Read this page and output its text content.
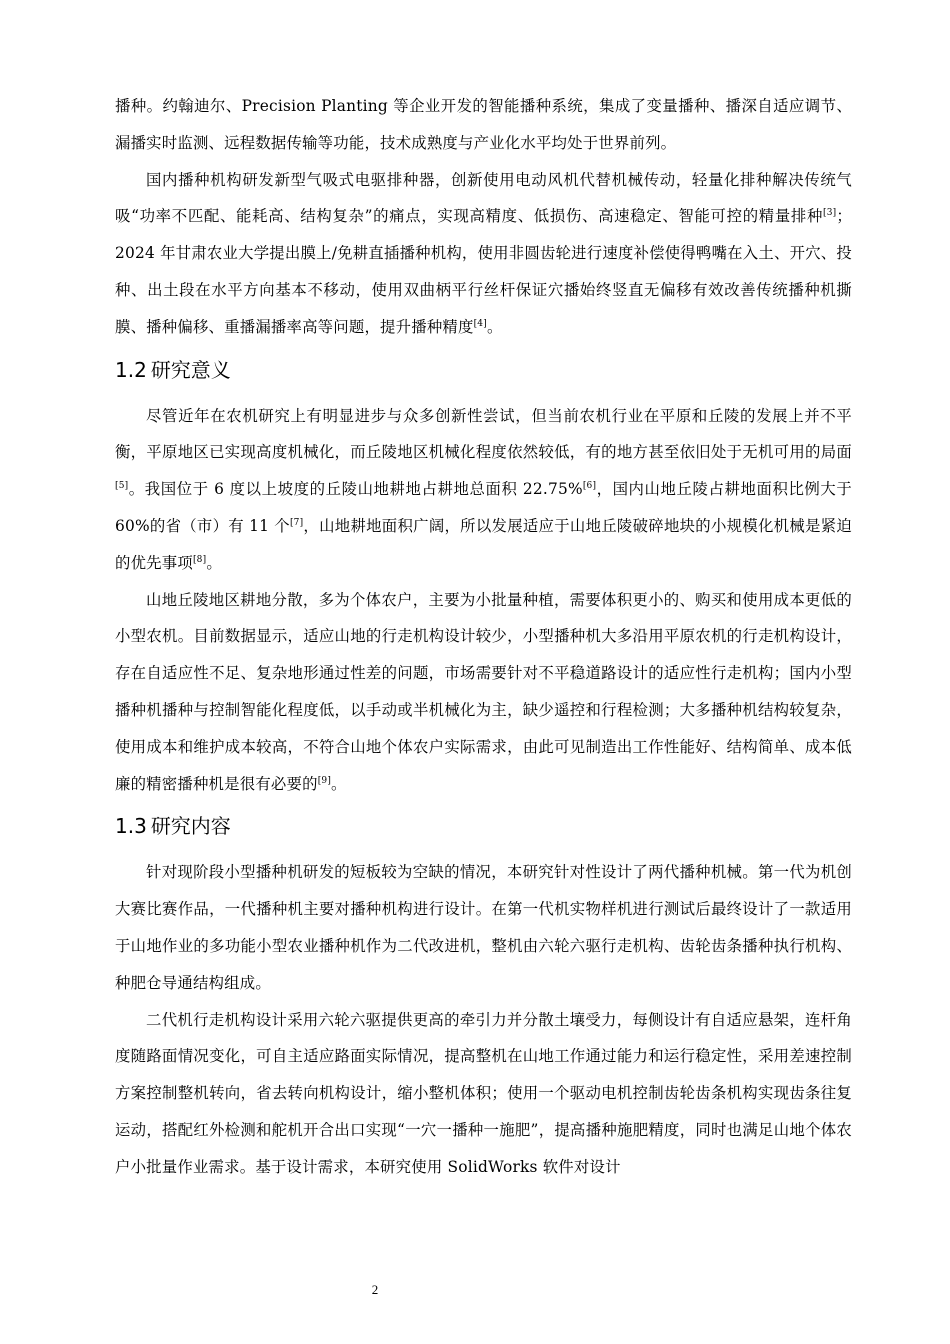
播种。约翰迪尔、Precision Planting 等企业开发的智能播种系统，集成了变量播种、播深自适应调节、漏播实时监测、远程数据传输等功能，技术成熟度与产业化水平均处于世界前列。

国内播种机构研发新型气吸式电驱排种器，创新使用电动风机代替机械传动，轻量化排种解决传统气吸“功率不匹配、能耗高、结构复杂”的痛点，实现高精度、低损伤、高速稳定、智能可控的精量排种[3]；2024 年甘肃农业大学提出膜上/免耕直插播种机构，使用非圆齿轮进行速度补偿使得鸭嘴在入土、开穴、投种、出土段在水平方向基本不移动，使用双曲柄平行丝杆保证穴播始终竖直无偏移有效改善传统播种机撕膜、播种偏移、重播漏播率高等问题，提升播种精度[4]。

1.2 研究意义

尽管近年在农机研究上有明显进步与众多创新性尝试，但当前农机行业在平原和丘陵的发展上并不平衡，平原地区已实现高度机械化，而丘陵地区机械化程度依然较低，有的地方甚至依旧处于无机可用的局面[5]。我国位于 6 度以上坡度的丘陵山地耕地占耕地总面积 22.75%[6]，国内山地丘陵占耕地面积比例大于 60%的省（市）有 11 个[7]，山地耕地面积广阔，所以发展适应于山地丘陵破碎地块的小规模化机械是紧迫的优先事项[8]。

山地丘陵地区耕地分散，多为个体农户，主要为小批量种植，需要体积更小的、购买和使用成本更低的小型农机。目前数据显示，适应山地的行走机构设计较少，小型播种机大多沿用平原农机的行走机构设计，存在自适应性不足、复杂地形通过性差的问题，市场需要针对不平稳道路设计的适应性行走机构；国内小型播种机播种与控制智能化程度低，以手动或半机械化为主，缺少遥控和行程检测；大多播种机结构较复杂，使用成本和维护成本较高，不符合山地个体农户实际需求，由此可见制造出工作性能好、结构简单、成本低廉的精密播种机是很有必要的[9]。

1.3 研究内容

针对现阶段小型播种机研发的短板较为空缺的情况，本研究针对性设计了两代播种机械。第一代为机创大赛比赛作品，一代播种机主要对播种机构进行设计。在第一代机实物样机进行测试后最终设计了一款适用于山地作业的多功能小型农业播种机作为二代改进机，整机由六轮六驱行走机构、齿轮齿条播种执行机构、种肥仓导通结构组成。

二代机行走机构设计采用六轮六驱提供更高的牵引力并分散土壤受力，每侧设计有自适应悬架，连杆角度随路面情况变化，可自主适应路面实际情况，提高整机在山地工作通过能力和运行稳定性，采用差速控制方案控制整机转向，省去转向机构设计，缩小整机体积；使用一个驱动电机控制齿轮齿条机构实现齿条往复运动，搭配红外检测和舵机开合出口实现“一穴一播种一施肥”，提高播种施肥精度，同时也满足山地个体农户小批量作业需求。基于设计需求，本研究使用 SolidWorks 软件对设计

2
